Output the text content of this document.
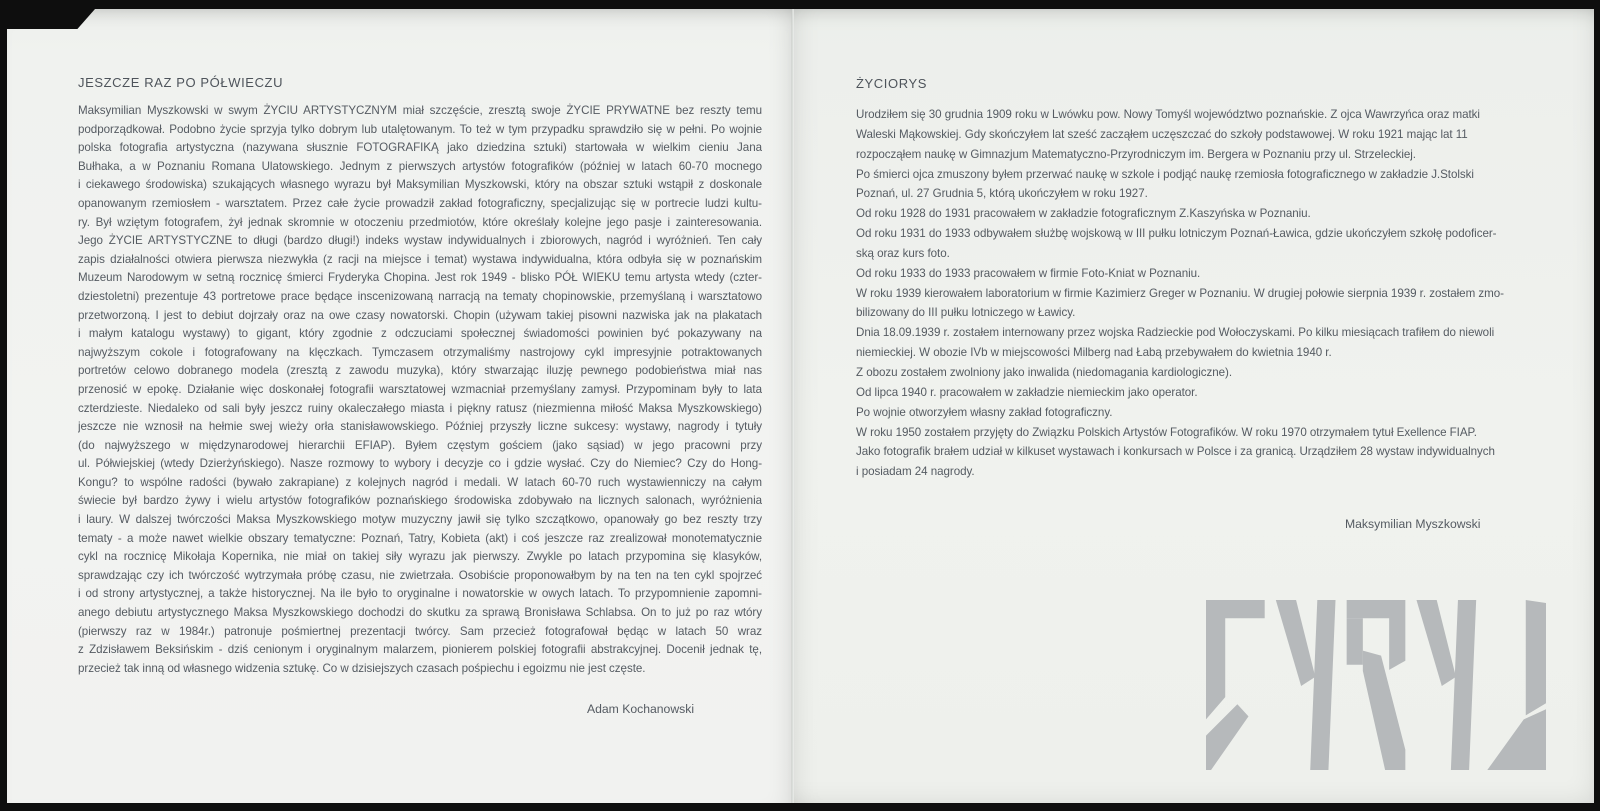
JESZCZE RAZ PO PÓŁWIECZU
Maksymilian Myszkowski w swym ŻYCIU ARTYSTYCZNYM miał szczęście, zresztą swoje ŻYCIE PRYWATNE bez reszty temu
podporządkował. Podobno życie sprzyja tylko dobrym lub utalętowanym. To też w tym przypadku sprawdziło się w pełni. Po wojnie
polska fotografia artystyczna (nazywana słusznie FOTOGRAFIKĄ jako dziedzina sztuki) startowała w wielkim cieniu Jana
Bułhaka, a w Poznaniu Romana Ulatowskiego. Jednym z pierwszych artystów fotografików (później w latach 60-70 mocnego
i ciekawego środowiska) szukających własnego wyrazu był Maksymilian Myszkowski, który na obszar sztuki wstąpił z doskonale
opanowanym rzemiosłem - warsztatem. Przez całe życie prowadził zakład fotograficzny, specjalizując się w portrecie ludzi kultu-
ry. Był wziętym fotografem, żył jednak skromnie w otoczeniu przedmiotów, które określały kolejne jego pasje i zainteresowania.
Jego ŻYCIE ARTYSTYCZNE to długi (bardzo długi!) indeks wystaw indywidualnych i zbiorowych, nagród i wyróżnień. Ten cały
zapis działalności otwiera pierwsza niezwykła (z racji na miejsce i temat) wystawa indywidualna, która odbyła się w poznańskim
Muzeum Narodowym w setną rocznicę śmierci Fryderyka Chopina. Jest rok 1949 - blisko PÓŁ WIEKU temu artysta wtedy (czter-
dziestoletni) prezentuje 43 portretowe prace będące inscenizowaną narracją na tematy chopinowskie, przemyślaną i warsztatowo
przetworzoną. I jest to debiut dojrzały oraz na owe czasy nowatorski. Chopin (używam takiej pisowni nazwiska jak na plakatach
i małym katalogu wystawy) to gigant, który zgodnie z odczuciami społecznej świadomości powinien być pokazywany na
najwyższym cokole i fotografowany na klęczkach. Tymczasem otrzymaliśmy nastrojowy cykl impresyjnie potraktowanych
portretów celowo dobranego modela (zresztą z zawodu muzyka), który stwarzając iluzję pewnego podobieństwa miał nas
przenosić w epokę. Działanie więc doskonałej fotografii warsztatowej wzmacniał przemyślany zamysł. Przypominam były to lata
czterdzieste. Niedaleko od sali były jeszcz ruiny okaleczałego miasta i piękny ratusz (niezmienna miłość Maksa Myszkowskiego)
jeszcze nie wznosił na hełmie swej wieży orła stanisławowskiego. Później przyszły liczne sukcesy: wystawy, nagrody i tytuły
(do najwyższego w międzynarodowej hierarchii EFIAP). Byłem częstym gościem (jako sąsiad) w jego pracowni przy
ul. Półwiejskiej (wtedy Dzierżyńskiego). Nasze rozmowy to wybory i decyzje co i gdzie wysłać. Czy do Niemiec? Czy do Hong-
Kongu? to wspólne radości (bywało zakrapiane) z kolejnych nagród i medali. W latach 60-70 ruch wystawienniczy na całym
świecie był bardzo żywy i wielu artystów fotografików poznańskiego środowiska zdobywało na licznych salonach, wyróżnienia
i laury. W dalszej twórczości Maksa Myszkowskiego motyw muzyczny jawił się tylko szczątkowo, opanowały go bez reszty trzy
tematy - a może nawet wielkie obszary tematyczne: Poznań, Tatry, Kobieta (akt) i coś jeszcze raz zrealizował monotematycznie
cykl na rocznicę Mikołaja Kopernika, nie miał on takiej siły wyrazu jak pierwszy. Zwykle po latach przypomina się klasyków,
sprawdzając czy ich twórczość wytrzymała próbę czasu, nie zwietrzała. Osobiście proponowałbym by na ten na ten cykl spojrzeć
i od strony artystycznej, a także historycznej. Na ile było to oryginalne i nowatorskie w owych latach. To przypomnienie zapomni-
anego debiutu artystycznego Maksa Myszkowskiego dochodzi do skutku za sprawą Bronisława Schlabsa. On to już po raz wtóry
(pierwszy raz w 1984r.) patronuje pośmiertnej prezentacji twórcy. Sam przecież fotografował będąc w latach 50 wraz
z Zdzisławem Beksińskim - dziś cenionym i oryginalnym malarzem, pionierem polskiej fotografii abstrakcyjnej. Docenił jednak tę,
przecież tak inną od własnego widzenia sztukę. Co w dzisiejszych czasach pośpiechu i egoizmu nie jest częste.
Adam Kochanowski
ŻYCIORYS
Urodziłem się 30 grudnia 1909 roku w Lwówku pow. Nowy Tomyśl województwo poznańskie. Z ojca Wawrzyńca oraz matki
Waleski Mąkowskiej. Gdy skończyłem lat sześć zacząłem uczęszczać do szkoły podstawowej. W roku 1921 mając lat 11
rozpocząłem naukę w Gimnazjum Matematyczno-Przyrodniczym im. Bergera w Poznaniu przy ul. Strzeleckiej.
Po śmierci ojca zmuszony byłem przerwać naukę w szkole i podjąć naukę rzemiosła fotograficznego w zakładzie J.Stolski
Poznań, ul. 27 Grudnia 5, którą ukończyłem w roku 1927.
Od roku 1928 do 1931 pracowałem w zakładzie fotograficznym Z.Kaszyńska w Poznaniu.
Od roku 1931 do 1933 odbywałem służbę wojskową w III pułku lotniczym Poznań-Ławica, gdzie ukończyłem szkołę podoficer-
ską oraz kurs foto.
Od roku 1933 do 1933 pracowałem w firmie Foto-Kniat w Poznaniu.
W roku 1939 kierowałem laboratorium w firmie Kazimierz Greger w Poznaniu. W drugiej połowie sierpnia 1939 r. zostałem zmo-
bilizowany do III pułku lotniczego w Ławicy.
Dnia 18.09.1939 r. zostałem internowany przez wojska Radzieckie pod Wołoczyskami. Po kilku miesiącach trafiłem do niewoli
niemieckiej. W obozie IVb w miejscowości Milberg nad Łabą przebywałem do kwietnia 1940 r.
Z obozu zostałem zwolniony jako inwalida (niedomagania kardiologiczne).
Od lipca 1940 r. pracowałem w zakładzie niemieckim jako operator.
Po wojnie otworzyłem własny zakład fotograficzny.
W roku 1950 zostałem przyjęty do Związku Polskich Artystów Fotografików. W roku 1970 otrzymałem tytuł Exellence FIAP.
Jako fotografik brałem udział w kilkuset wystawach i konkursach w Polsce i za granicą. Urządziłem 28 wystaw indywidualnych
i posiadam 24 nagrody.
Maksymilian Myszkowski
